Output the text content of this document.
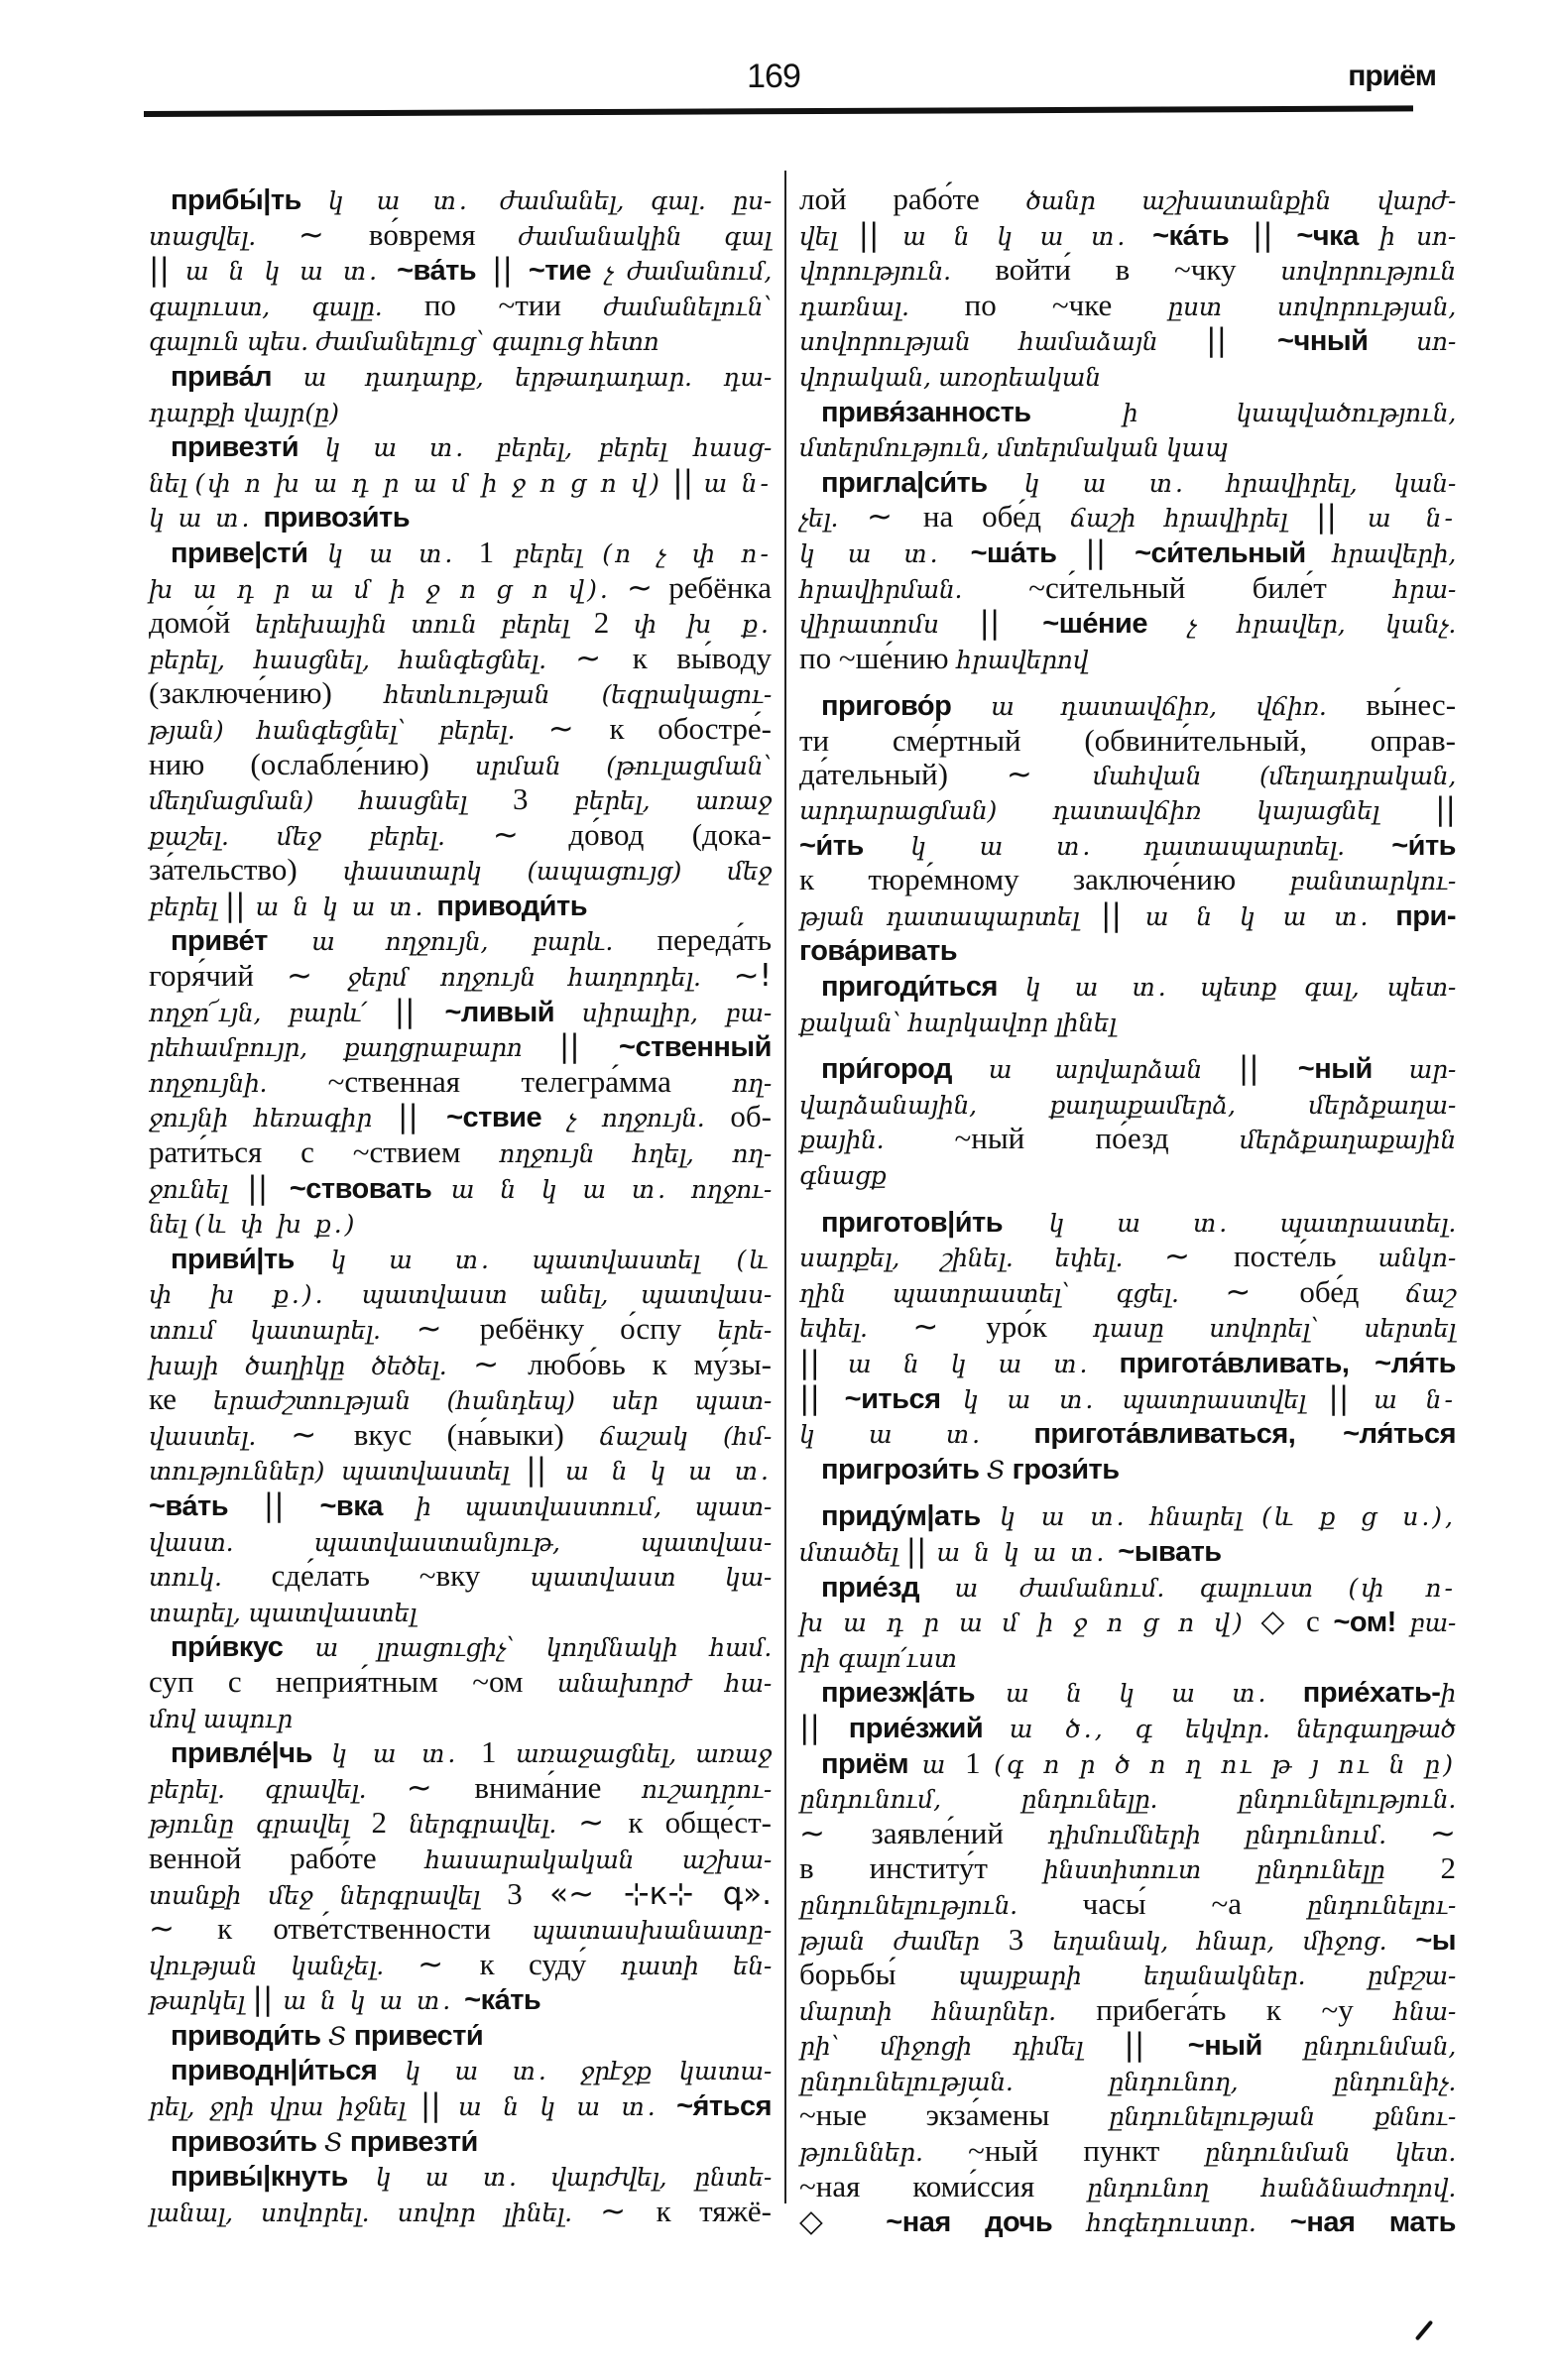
169	приём
прибы́|ть կ ա տ. ժամանել, գալ. ըս-
տացվել. ~ во́время ժամանակին գալ
|| ա ն կ ա տ. ~ва́ть || ~тие չ ժամանում,
գալուստ, գալը. по ~тии ժամանելուն՝
գալուն պես. ժամանելուց՝ գալուց հետո
прива́л ա դադարք, երթադադար. դա-
դարքի վայր(ը)
привезти́ կ ա տ. բերել, բերել հասց-
նել (փ ո խ ա դ ր ա մ ի ջ ո ց ո վ) || ա ն-
կ ա տ. привози́ть
приве|сти́ կ ա տ. 1 բերել (ո չ փ ո-
խ ա դ ր ա մ ի ջ ո ց ո վ). ~ ребёнка
домо́й երեխային տուն բերել 2 փ խ ք.
բերել, հասցնել, հանգեցնել. ~ к вы́воду
(заключе́нию) հետևության (եզրակացու-
թյան) հանգեցնել՝ բերել. ~ к обостре́-
нию (ослабле́нию) սրման (թուլացման՝
մեղմացման) հասցնել 3 բերել, առաջ
քաշել. մեջ բերել. ~ до́вод (дока-
за́тельство) փաստարկ (ապացույց) մեջ
բերել || ա ն կ ա տ. приводи́ть
приве́т ա ողջույն, բարև. переда́ть
горя́чий ~ ջերմ ողջույն հաղորդել. ~!
ողջո՜ւյն, բարև՛ || ~ливый սիրալիր, բա-
րեհամբույր, քաղցրաբարո || ~ственный
ողջույնի. ~ственная телегра́мма ող-
ջույնի հեռագիր || ~ствие չ ողջույն. об-
рати́ться с ~ствием ողջույն հղել, ող-
ջունել || ~ствовать ա ն կ ա տ. ողջու-
նել (և փ խ ք.)
приви́|ть կ ա տ. պատվաստել (և
փ խ ք.). պատվաստ անել, պատվաս-
տում կատարել. ~ ребёнку о́спу երե-
խայի ծաղիկը ծեծել. ~ любо́вь к му́зы-
ке երաժշտության (հանդեպ) սեր պատ-
վաստել. ~ вкус (на́выки) ճաշակ (հմ-
տություններ) պատվաստել || ա ն կ ա տ.
~ва́ть || ~вка ի պատվաստում, պատ-
վաստ. պատվաստանյութ, պատվաս-
տուկ. сде́лать ~вку պատվաստ կա-
տարել, պատվաստել
при́вкус ա լրացուցիչ՝ կողմնակի համ.
суп с неприя́тным ~ом անախորժ հա-
մով ապուր
привле́|чь կ ա տ. 1 առաջացնել, առաջ
բերել. գրավել. ~ внима́ние ուշադրու-
թյունը գրավել 2 ներգրավել. ~ к обще́ст-
венной рабо́те հասարակական աշխա-
տանքի մեջ ներգրավել 3 «~ ⊹к⊹ գ».
~ к отве́тственности պատասխանատը-
վության կանչել. ~ к суду́ դատի են-
թարկել || ա ն կ ա տ. ~ка́ть
приводи́ть Տ привести́
приводн|и́ться կ ա տ. ջրէջք կատա-
րել, ջրի վրա իջնել || ա ն կ ա տ. ~я́ться
привози́ть Տ привезти́
привы́|кнуть կ ա տ. վարժվել, ընտե-
լանալ, սովորել. սովոր լինել. ~ к тяжё-
лой рабо́те ծանր աշխատանքին վարժ-
վել || ա ն կ ա տ. ~ка́ть || ~чка ի սո-
վորություն. войти́ в ~чку սովորություն
դառնալ. по ~чке ըստ սովորության,
սովորության համաձայն || ~чный սո-
վորական, առօրեական
привя́занность ի կապվածություն,
մտերմություն, մտերմական կապ
пригла|си́ть կ ա տ. հրավիրել, կան-
չել. ~ на обе́д ճաշի հրավիրել || ա ն-
կ ա տ. ~ша́ть || ~си́тельный հրավերի,
հրավիրման. ~си́тельный биле́т հրա-
վիրատոմս || ~ше́ние չ հրավեր, կանչ.
по ~ше́нию հրավերով
пригово́р ա դատավճիռ, վճիռ. вы́нес-
ти сме́ртный (обвини́тельный, оправ-
да́тельный) ~ մահվան (մեղադրական,
արդարացման) դատավճիռ կայացնել ||
~и́ть կ ա տ. դատապարտել. ~и́ть
к тюре́мному заключе́нию բանտարկու-
թյան դատապարտել || ա ն կ ա տ. при-
гова́ривать
пригоди́ться կ ա տ. պետք գալ, պետ-
քական՝ հարկավոր լինել
при́город ա արվարձան || ~ный ար-
վարձանային, քաղաքամերձ, մերձքաղա-
քային. ~ный по́езд մերձքաղաքային
գնացք
приготов|и́ть կ ա տ. պատրաստել.
սարքել, շինել. եփել. ~ посте́ль անկո-
ղին պատրաստել՝ գցել. ~ обе́д ճաշ
եփել. ~ уро́к դասը սովորել՝ սերտել
|| ա ն կ ա տ. пригота́вливать, ~ля́ть
|| ~иться կ ա տ. պատրաստվել || ա ն-
կ ա տ. пригота́вливаться, ~ля́ться
пригрози́ть Տ грози́ть
приду́м|ать կ ա տ. հնարել (և ք ց ս.),
մտածել || ա ն կ ա տ. ~ывать
прие́зд ա ժամանում. գալուստ (փ ո-
խ ա դ ր ա մ ի ջ ո ց ո վ) ◇ с ~ом! բա-
րի գալո՛ւստ
приезж|а́ть ա ն կ ա տ. прие́хать-ի
|| прие́зжий ա ծ., գ եկվոր. ներգաղթած
приём ա 1 (գ ո ր ծ ո ղ ու թ յ ու ն ը)
ընդունում, ընդունելը. ընդունելություն.
~ заявле́ний դիմումների ընդունում. ~
в институ́т ինստիտուտ ընդունելը 2
ընդունելություն. часы́ ~а ընդունելու-
թյան ժամեր 3 եղանակ, հնար, միջոց. ~ы
борьбы́ պայքարի եղանակներ. ըմբշա-
մարտի հնարներ. прибега́ть к ~у հնա-
րի՝ միջոցի դիմել || ~ный ընդունման,
ընդունելության. ընդունող, ընդունիչ.
~ные экза́мены ընդունելության քննու-
թյուններ. ~ный пункт ընդունման կետ.
~ная коми́ссия ընդունող հանձնաժողով.
◇ ~ная дочь հոգեդուստր. ~ная мать
